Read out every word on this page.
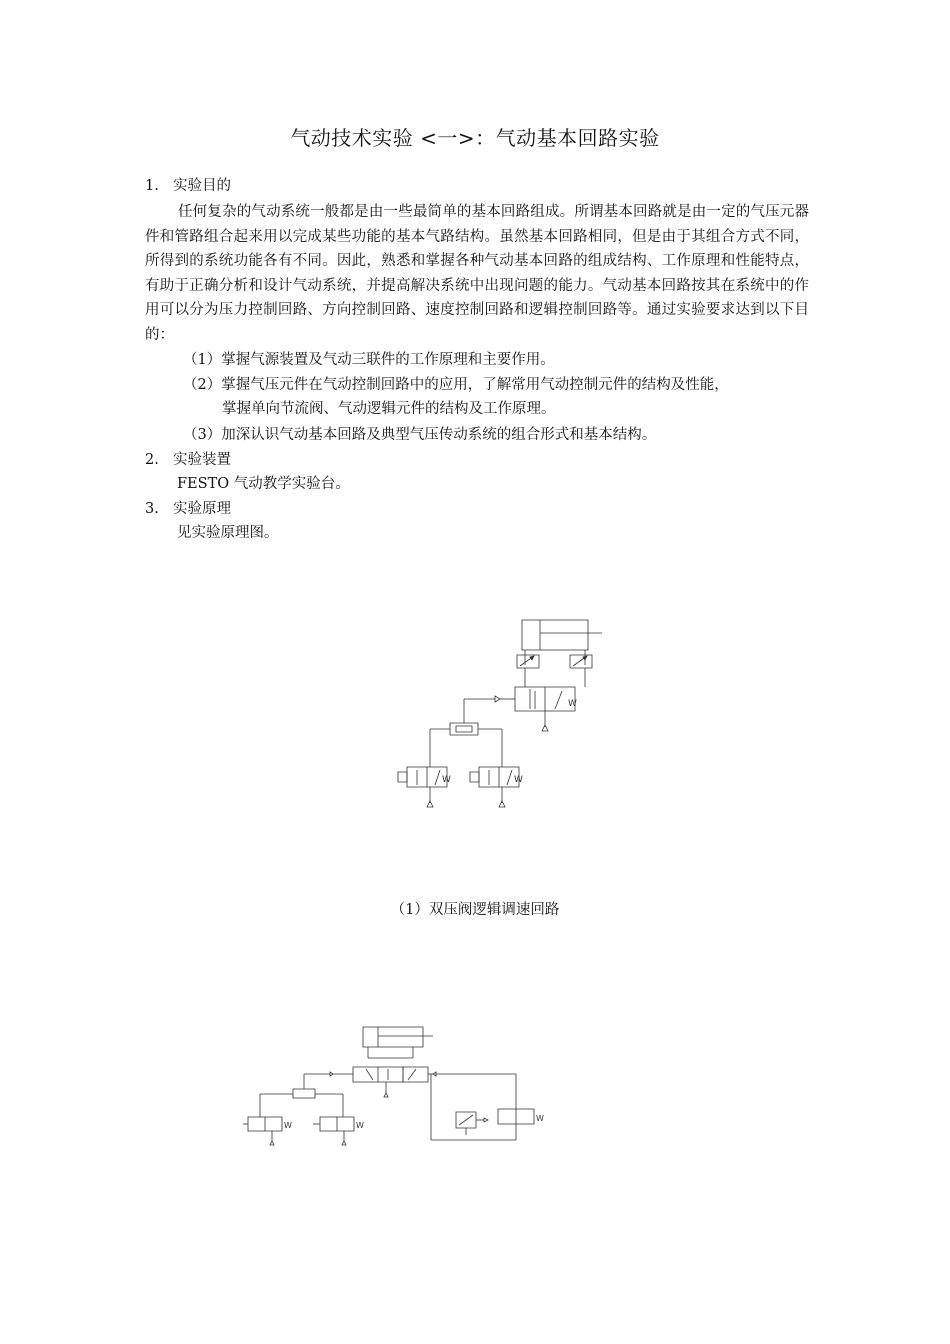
气动技术实验 <一>：气动基本回路实验
1. 实验目的
任何复杂的气动系统一般都是由一些最简单的基本回路组成。所谓基本回路就是由一定的气压元器件和管路组合起来用以完成某些功能的基本气路结构。虽然基本回路相同，但是由于其组合方式不同，所得到的系统功能各有不同。因此，熟悉和掌握各种气动基本回路的组成结构、工作原理和性能特点，有助于正确分析和设计气动系统，并提高解决系统中出现问题的能力。气动基本回路按其在系统中的作用可以分为压力控制回路、方向控制回路、速度控制回路和逻辑控制回路等。通过实验要求达到以下目的：
（1）掌握气源装置及气动三联件的工作原理和主要作用。
（2）掌握气压元件在气动控制回路中的应用，了解常用气动控制元件的结构及性能，
掌握单向节流阀、气动逻辑元件的结构及工作原理。
（3）加深认识气动基本回路及典型气压传动系统的组合形式和基本结构。
2. 实验装置
FESTO 气动教学实验台。
3. 实验原理
见实验原理图。
W
W	W
（1）双压阀逻辑调速回路
W	W
W
